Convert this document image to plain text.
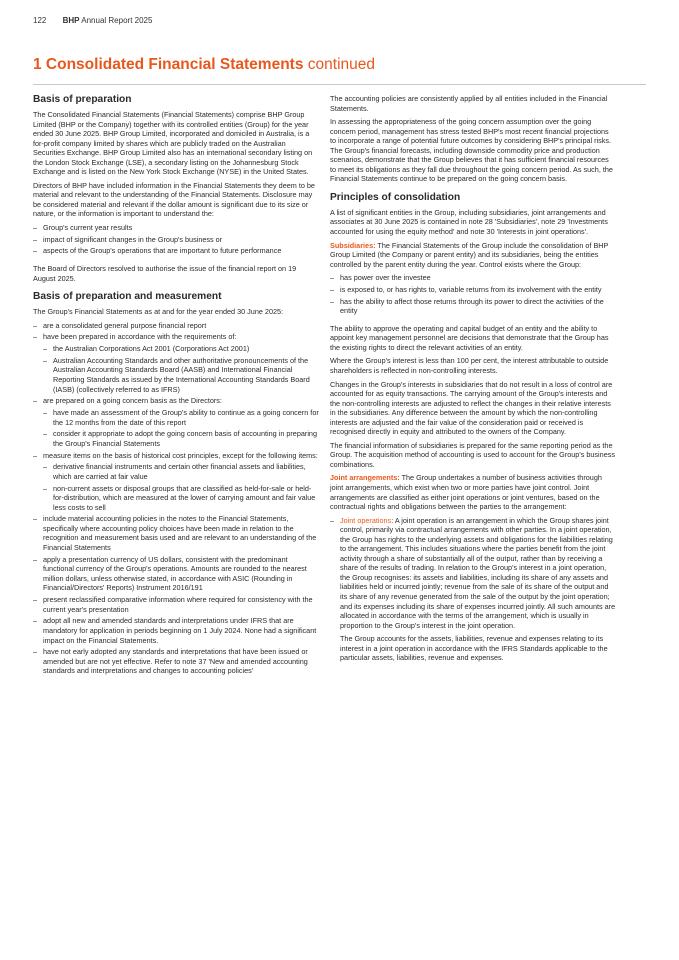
122 BHP Annual Report 2025
1 Consolidated Financial Statements continued
Basis of preparation

The Consolidated Financial Statements (Financial Statements) comprise BHP Group Limited (BHP or the Company) together with its controlled entities (Group) for the year ended 30 June 2025. BHP Group Limited, incorporated and domiciled in Australia, is a for-profit company limited by shares which are publicly traded on the Australian Securities Exchange. BHP Group Limited also has an international secondary listing on the London Stock Exchange (LSE), a secondary listing on the Johannesburg Stock Exchange and is listed on the New York Stock Exchange (NYSE) in the United States.

Directors of BHP have included information in the Financial Statements they deem to be material and relevant to the understanding of the Financial Statements. Disclosure may be considered material and relevant if the dollar amount is significant due to its size or nature, or the information is important to understand the:

– Group's current year results
– impact of significant changes in the Group's business or
– aspects of the Group's operations that are important to future performance

The Board of Directors resolved to authorise the issue of the financial report on 19 August 2025.

Basis of preparation and measurement

The Group's Financial Statements as at and for the year ended 30 June 2025:

– are a consolidated general purpose financial report
– have been prepared in accordance with the requirements of:
– the Australian Corporations Act 2001 (Corporations Act 2001)
– Australian Accounting Standards and other authoritative pronouncements of the Australian Accounting Standards Board (AASB) and International Financial Reporting Standards as issued by the International Accounting Standards Board (IASB) (collectively referred to as IFRS)
– are prepared on a going concern basis as the Directors:
– have made an assessment of the Group's ability to continue as a going concern for the 12 months from the date of this report
– consider it appropriate to adopt the going concern basis of accounting in preparing the Group's Financial Statements
– measure items on the basis of historical cost principles, except for the following items:
– derivative financial instruments and certain other financial assets and liabilities, which are carried at fair value
– non-current assets or disposal groups that are classified as held-for-sale or held-for-distribution, which are measured at the lower of carrying amount and fair value less costs to sell
– include material accounting policies in the notes to the Financial Statements, specifically where accounting policy choices have been made in relation to the recognition and measurement basis used and are relevant to an understanding of the Financial Statements
– apply a presentation currency of US dollars, consistent with the predominant functional currency of the Group's operations. Amounts are rounded to the nearest million dollars, unless otherwise stated, in accordance with ASIC (Rounding in Financial/Directors' Reports) Instrument 2016/191
– present reclassified comparative information where required for consistency with the current year's presentation
– adopt all new and amended standards and interpretations under IFRS that are mandatory for application in periods beginning on 1 July 2024. None had a significant impact on the Financial Statements.
– have not early adopted any standards and interpretations that have been issued or amended but are not yet effective. Refer to note 37 'New and amended accounting standards and interpretations and changes to accounting policies'

The accounting policies are consistently applied by all entities included in the Financial Statements.

In assessing the appropriateness of the going concern assumption over the going concern period, management has stress tested BHP's most recent financial projections to incorporate a range of potential future outcomes by considering BHP's principal risks. The Group's financial forecasts, including downside commodity price and production scenarios, demonstrate that the Group believes that it has sufficient financial resources to meet its obligations as they fall due throughout the going concern period. As such, the Financial Statements continue to be prepared on the going concern basis.

Principles of consolidation

A list of significant entities in the Group, including subsidiaries, joint arrangements and associates at 30 June 2025 is contained in note 28 'Subsidiaries', note 29 'Investments accounted for using the equity method' and note 30 'Interests in joint operations'.

Subsidiaries: The Financial Statements of the Group include the consolidation of BHP Group Limited (the Company or parent entity) and its subsidiaries, being the entities controlled by the parent entity during the year. Control exists where the Group:

– has power over the investee
– is exposed to, or has rights to, variable returns from its involvement with the entity
– has the ability to affect those returns through its power to direct the activities of the entity

The ability to approve the operating and capital budget of an entity and the ability to appoint key management personnel are decisions that demonstrate that the Group has the existing rights to direct the relevant activities of an entity.

Where the Group's interest is less than 100 per cent, the interest attributable to outside shareholders is reflected in non-controlling interests.

Changes in the Group's interests in subsidiaries that do not result in a loss of control are accounted for as equity transactions. The carrying amount of the Group's interests and the non-controlling interests are adjusted to reflect the changes in their relative interests in the subsidiaries. Any difference between the amount by which the non-controlling interests are adjusted and the fair value of the consideration paid or received is recognised directly in equity and attributed to the owners of the Company.

The financial information of subsidiaries is prepared for the same reporting period as the Group. The acquisition method of accounting is used to account for the Group's business combinations.

Joint arrangements: The Group undertakes a number of business activities through joint arrangements, which exist when two or more parties have joint control. Joint arrangements are classified as either joint operations or joint ventures, based on the contractual rights and obligations between the parties to the arrangement:

– Joint operations: A joint operation is an arrangement in which the Group shares joint control, primarily via contractual arrangements with other parties. In a joint operation, the Group has rights to the underlying assets and obligations for the liabilities relating to the arrangement. This includes situations where the parties benefit from the joint activity through a share of substantially all of the output, rather than by receiving a share of the results of trading. In relation to the Group's interest in a joint operation, the Group recognises: its assets and liabilities, including its share of any assets and liabilities held or incurred jointly; revenue from the sale of its share of the output and its share of any revenue generated from the sale of the output by the joint operation; and its expenses including its share of expenses incurred jointly. All such amounts are allocated in accordance with the terms of the arrangement, which is usually in proportion to the Group's interest in the joint operation.

The Group accounts for the assets, liabilities, revenue and expenses relating to its interest in a joint operation in accordance with the IFRS Standards applicable to the particular assets, liabilities, revenue and expenses.
